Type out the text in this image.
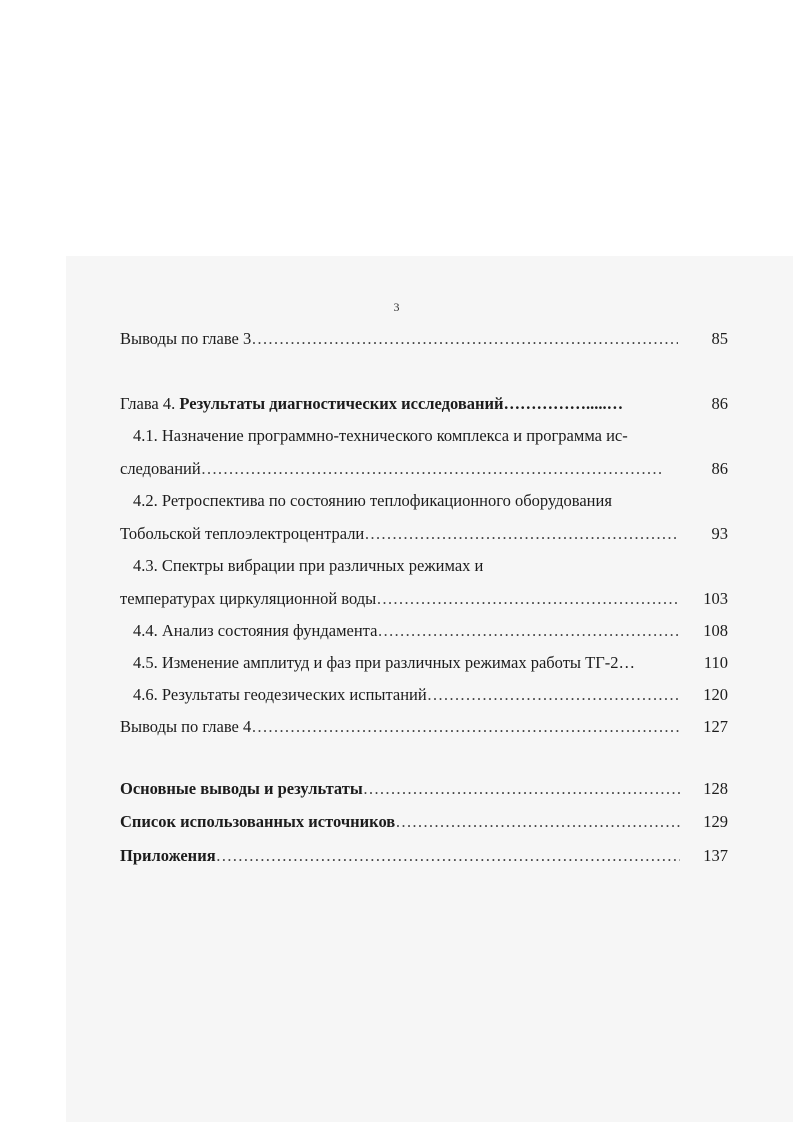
3
Выводы по главе 3 ………………………………………………………………………………………………………………………………………………………………	85
Глава 4. Результаты диагностических исследований…………….....…	86
4.1. Назначение программно-технического комплекса и программа ис-
следований ………………………………………………………………………………………………………………………………………………………………	86
4.2. Ретроспектива по состоянию теплофикационного оборудования
Тобольской теплоэлектроцентрали ………………………………………………………………………………………………………………………………………………………………	93
4.3. Спектры вибрации при различных режимах и
температурах циркуляционной воды ………………………………………………………………………………………………………………………………………………………………	103
4.4. Анализ состояния фундамента ………………………………………………………………………………………………………………………………………………………………	108
4.5. Изменение амплитуд и фаз при различных режимах работы ТГ-2…	110
4.6. Результаты геодезических испытаний ………………………………………………………………………………………………………………………………………………………………	120
Выводы по главе 4 ………………………………………………………………………………………………………………………………………………………………	127
Основные выводы и результаты ………………………………………………………………………………………………………………………………………………………………	128
Список использованных источников ………………………………………………………………………………………………………………………………………………………………	129
Приложения ………………………………………………………………………………………………………………………………………………………………	137
